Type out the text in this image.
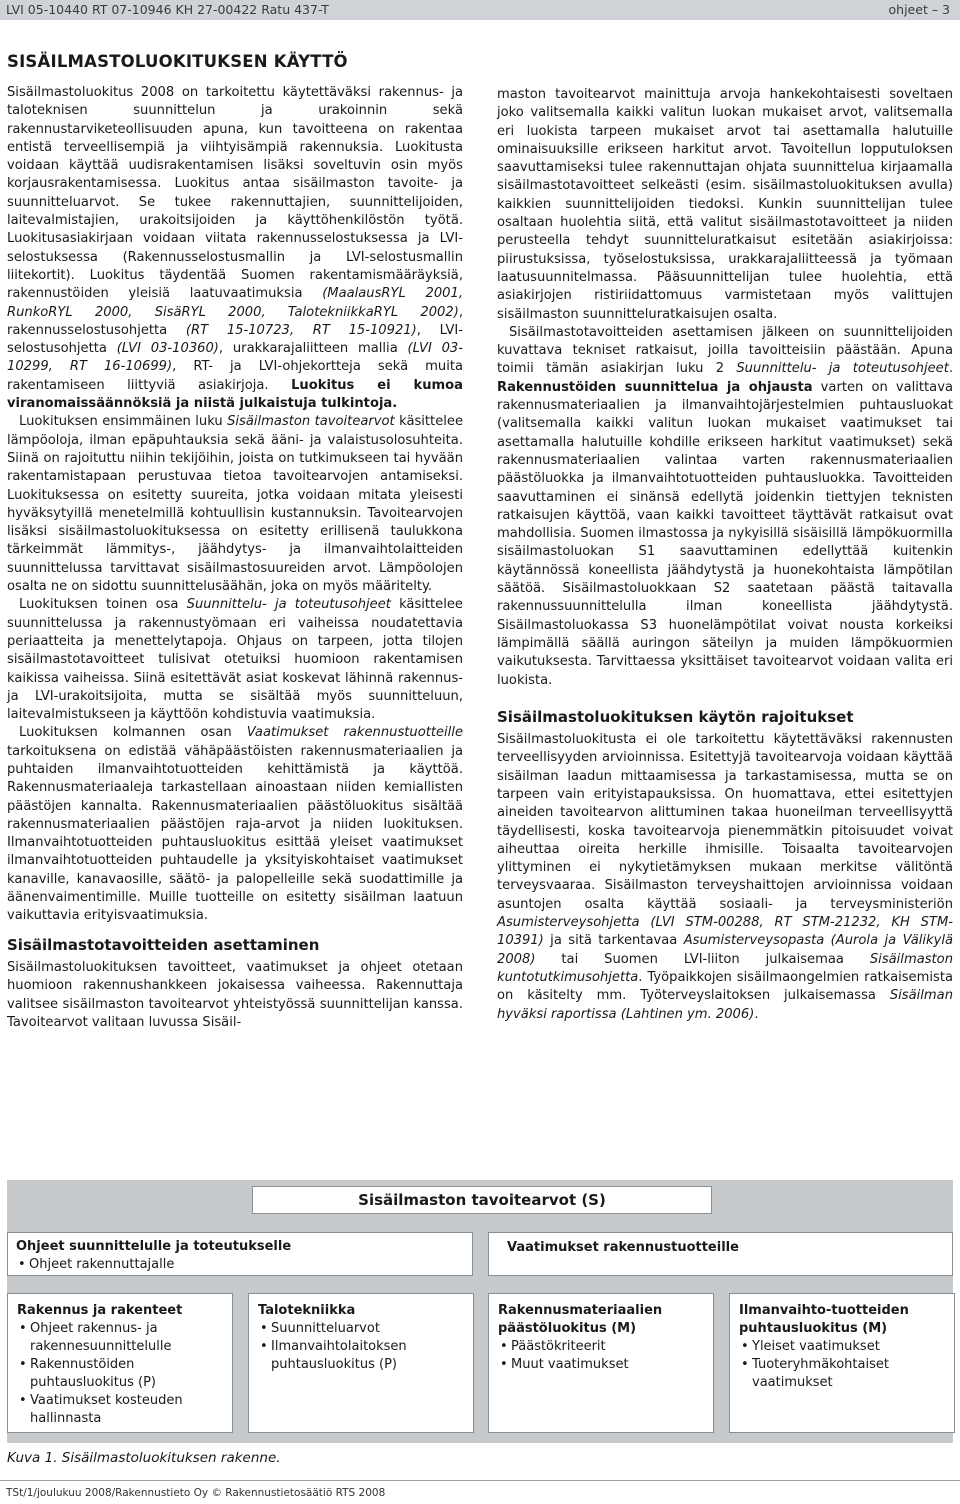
LVI 05-10440 RT 07-10946 KH 27-00422 Ratu 437-T	ohjeet – 3
SISÄILMASTOLUOKITUKSEN KÄYTTÖ

Sisäilmastoluokitus 2008 on tarkoitettu käytettäväksi rakennus- ja taloteknisen suunnittelun ja urakoinnin sekä rakennustarviketeollisuuden apuna, kun tavoitteena on rakentaa entistä terveellisempiä ja viihtyisämpiä rakennuksia. Luokitusta voidaan käyttää uudisrakentamisen lisäksi soveltuvin osin myös korjausrakentamisessa. Luokitus antaa sisäilmaston tavoite- ja suunnitteluarvot. Se tukee rakennuttajien, suunnittelijoiden, laitevalmistajien, urakoitsijoiden ja käyttöhenkilöstön työtä. Luokitusasiakirjaan voidaan viitata rakennusselostuksessa ja LVI-selostuksessa (Rakennusselostusmallin ja LVI-selostusmallin liitekortit). Luokitus täydentää Suomen rakentamismääräyksiä, rakennustöiden yleisiä laatuvaatimuksia (MaalausRYL 2001, RunkoRYL 2000, SisäRYL 2000, TalotekniikkaRYL 2002), rakennusselostusohjetta (RT 15-10723, RT 15-10921), LVI-selostusohjetta (LVI 03-10360), urakkarajaliitteen mallia (LVI 03-10299, RT 16-10699), RT- ja LVI-ohjekortteja sekä muita rakentamiseen liittyviä asiakirjoja. Luokitus ei kumoa viranomaissäännöksiä ja niistä julkaistuja tulkintoja.

Luokituksen ensimmäinen luku Sisäilmaston tavoitearvot käsittelee lämpöoloja, ilman epäpuhtauksia sekä ääni- ja valaistusolosuhteita. Siinä on rajoituttu niihin tekijöihin, joista on tutkimukseen tai hyvään rakentamistapaan perustuvaa tietoa tavoitearvojen antamiseksi. Luokituksessa on esitetty suureita, jotka voidaan mitata yleisesti hyväksytyillä menetelmillä kohtuullisin kustannuksin. Tavoitearvojen lisäksi sisäilmastoluokituksessa on esitetty erillisenä taulukkona tärkeimmät lämmitys-, jäähdytys- ja ilmanvaihtolaitteiden suunnittelussa tarvittavat sisäilmastosuureiden arvot. Lämpöolojen osalta ne on sidottu suunnittelusäähän, joka on myös määritelty.

Luokituksen toinen osa Suunnittelu- ja toteutusohjeet käsittelee suunnittelussa ja rakennustyömaan eri vaiheissa noudatettavia periaatteita ja menettelytapoja. Ohjaus on tarpeen, jotta tilojen sisäilmastotavoitteet tulisivat otetuiksi huomioon rakentamisen kaikissa vaiheissa. Siinä esitettävät asiat koskevat lähinnä rakennus- ja LVI-urakoitsijoita, mutta se sisältää myös suunnitteluun, laitevalmistukseen ja käyttöön kohdistuvia vaatimuksia.

Luokituksen kolmannen osan Vaatimukset rakennustuotteille tarkoituksena on edistää vähäpäästöisten rakennusmateriaalien ja puhtaiden ilmanvaihtotuotteiden kehittämistä ja käyttöä. Rakennusmateriaaleja tarkastellaan ainoastaan niiden kemiallisten päästöjen kannalta. Rakennusmateriaalien päästöluokitus sisältää rakennusmateriaalien päästöjen raja-arvot ja niiden luokituksen. Ilmanvaihtotuotteiden puhtausluokitus esittää yleiset vaatimukset ilmanvaihtotuotteiden puhtaudelle ja yksityiskohtaiset vaatimukset kanaville, kanavaosille, säätö- ja palopelleille sekä suodattimille ja äänenvaimentimille. Muille tuotteille on esitetty sisäilman laatuun vaikuttavia erityisvaatimuksia.

Sisäilmastotavoitteiden asettaminen

Sisäilmastoluokituksen tavoitteet, vaatimukset ja ohjeet otetaan huomioon rakennushankkeen jokaisessa vaiheessa. Rakennuttaja valitsee sisäilmaston tavoitearvot yhteistyössä suunnittelijan kanssa. Tavoitearvot valitaan luvussa Sisäil-

maston tavoitearvot mainittuja arvoja hankekohtaisesti soveltaen joko valitsemalla kaikki valitun luokan mukaiset arvot, valitsemalla eri luokista tarpeen mukaiset arvot tai asettamalla halutuille ominaisuuksille erikseen harkitut arvot. Tavoitellun lopputuloksen saavuttamiseksi tulee rakennuttajan ohjata suunnittelua kirjaamalla sisäilmastotavoitteet selkeästi (esim. sisäilmastoluokituksen avulla) kaikkien suunnittelijoiden tiedoksi. Kunkin suunnittelijan tulee osaltaan huolehtia siitä, että valitut sisäilmastotavoitteet ja niiden perusteella tehdyt suunnitteluratkaisut esitetään asiakirjoissa: piirustuksissa, työselostuksissa, urakkarajaliitteessä ja työmaan laatusuunnitelmassa. Pääsuunnittelijan tulee huolehtia, että asiakirjojen ristiriidattomuus varmistetaan myös valittujen sisäilmaston suunnitteluratkaisujen osalta.

Sisäilmastotavoitteiden asettamisen jälkeen on suunnittelijoiden kuvattava tekniset ratkaisut, joilla tavoitteisiin päästään. Apuna toimii tämän asiakirjan luku 2 Suunnittelu- ja toteutusohjeet. Rakennustöiden suunnittelua ja ohjausta varten on valittava rakennusmateriaalien ja ilmanvaihtojärjestelmien puhtausluokat (valitsemalla kaikki valitun luokan mukaiset vaatimukset tai asettamalla halutuille kohdille erikseen harkitut vaatimukset) sekä rakennusmateriaalien valintaa varten rakennusmateriaalien päästöluokka ja ilmanvaihtotuotteiden puhtausluokka. Tavoitteiden saavuttaminen ei sinänsä edellytä joidenkin tiettyjen teknisten ratkaisujen käyttöä, vaan kaikki tavoitteet täyttävät ratkaisut ovat mahdollisia. Suomen ilmastossa ja nykyisillä sisäisillä lämpökuormilla sisäilmastoluokan S1 saavuttaminen edellyttää kuitenkin käytännössä koneellista jäähdytystä ja huonekohtaista lämpötilan säätöä. Sisäilmastoluokkaan S2 saatetaan päästä taitavalla rakennussuunnittelulla ilman koneellista jäähdytystä. Sisäilmastoluokassa S3 huonelämpötilat voivat nousta korkeiksi lämpimällä säällä auringon säteilyn ja muiden lämpökuormien vaikutuksesta. Tarvittaessa yksittäiset tavoitearvot voidaan valita eri luokista.

Sisäilmastoluokituksen käytön rajoitukset

Sisäilmastoluokitusta ei ole tarkoitettu käytettäväksi rakennusten terveellisyyden arvioinnissa. Esitettyjä tavoitearvoja voidaan käyttää sisäilman laadun mittaamisessa ja tarkastamisessa, mutta se on tarpeen vain erityistapauksissa. On huomattava, ettei esitettyjen aineiden tavoitearvon alittuminen takaa huoneilman terveellisyyttä täydellisesti, koska tavoitearvoja pienemmätkin pitoisuudet voivat aiheuttaa oireita herkille ihmisille. Toisaalta tavoitearvojen ylittyminen ei nykytietämyksen mukaan merkitse välitöntä terveysvaaraa. Sisäilmaston terveyshaittojen arvioinnissa voidaan asuntojen osalta käyttää sosiaali- ja terveysministeriön Asumisterveysohjetta (LVI STM-00288, RT STM-21232, KH STM-10391) ja sitä tarkentavaa Asumisterveysopasta (Aurola ja Välikylä 2008) tai Suomen LVI-liiton julkaisemaa Sisäilmaston kuntotutkimusohjetta. Työpaikkojen sisäilmaongelmien ratkaisemista on käsitelty mm. Työterveyslaitoksen julkaisemassa Sisäilman hyväksi raportissa (Lahtinen ym. 2006).

Sisäilmaston tavoitearvot (S)
Ohjeet suunnittelulle ja toteutukselle
• Ohjeet rakennuttajalle
Vaatimukset rakennustuotteille
Rakennus ja rakenteet
• Ohjeet rakennus- ja rakennesuunnittelulle
• Rakennustöiden puhtausluokitus (P)
• Vaatimukset kosteuden hallinnasta
Talotekniikka
• Suunnitteluarvot
• Ilmanvaihtolaitoksen puhtausluokitus (P)
Rakennusmateriaalien päästöluokitus (M)
• Päästökriteerit
• Muut vaatimukset
Ilmanvaihto-tuotteiden puhtausluokitus (M)
• Yleiset vaatimukset
• Tuoteryhmäkohtaiset vaatimukset
Kuva 1. Sisäilmastoluokituksen rakenne.
TSt/1/joulukuu 2008/Rakennustieto Oy © Rakennustietosäätiö RTS 2008
